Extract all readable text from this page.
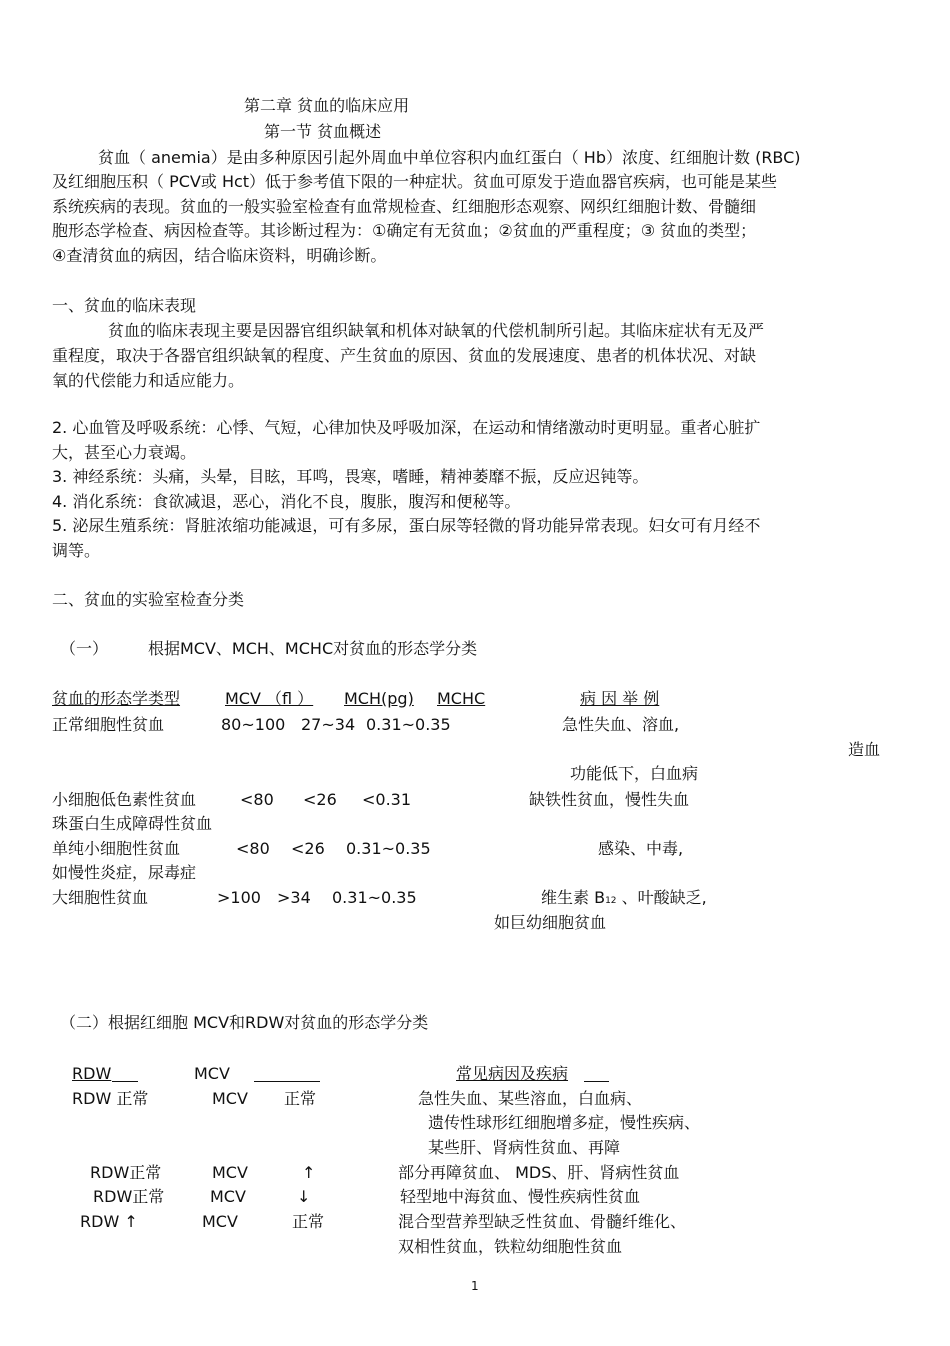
第二章 贫血的临床应用
第一节 贫血概述
贫血（ anemia）是由多种原因引起外周血中单位容积内血红蛋白（ Hb）浓度、红细胞计数 (RBC)
及红细胞压积（ PCV或 Hct）低于参考值下限的一种症状。贫血可原发于造血器官疾病，也可能是某些
系统疾病的表现。贫血的一般实验室检查有血常规检查、红细胞形态观察、网织红细胞计数、骨髓细
胞形态学检查、病因检查等。其诊断过程为：①确定有无贫血；②贫血的严重程度；③ 贫血的类型；
④查清贫血的病因，结合临床资料，明确诊断。
一、贫血的临床表现
贫血的临床表现主要是因器官组织缺氧和机体对缺氧的代偿机制所引起。其临床症状有无及严
重程度，取决于各器官组织缺氧的程度、产生贫血的原因、贫血的发展速度、患者的机体状况、对缺
氧的代偿能力和适应能力。
2. 心血管及呼吸系统：心悸、气短，心律加快及呼吸加深，在运动和情绪激动时更明显。重者心脏扩
大，甚至心力衰竭。
3. 神经系统：头痛，头晕，目眩，耳鸣，畏寒，嗜睡，精神萎靡不振，反应迟钝等。
4. 消化系统：食欲减退，恶心，消化不良，腹胀，腹泻和便秘等。
5. 泌尿生殖系统：肾脏浓缩功能减退，可有多尿，蛋白尿等轻微的肾功能异常表现。妇女可有月经不
调等。
二、贫血的实验室检查分类
（一） 根据MCV、MCH、MCHC对贫血的形态学分类
贫血的形态学类型	MCV （fl ） MCH(pg) MCHC	病 因 举 例
正常细胞性贫血	80~100 27~34 0.31~0.35	急性失血、溶血,
造血
功能低下，白血病
小细胞低色素性贫血	<80 <26 <0.31	缺铁性贫血，慢性失血
珠蛋白生成障碍性贫血
单纯小细胞性贫血	<80 <26 0.31~0.35	感染、中毒,
如慢性炎症，尿毒症
大细胞性贫血	>100 >34 0.31~0.35	维生素 B12 、叶酸缺乏,
如巨幼细胞贫血
（二）根据红细胞 MCV和RDW对贫血的形态学分类
RDW	MCV	常见病因及疾病
RDW 正常	MCV 正常	急性失血、某些溶血，白血病、
遗传性球形红细胞增多症，慢性疾病、
某些肝、肾病性贫血、再障
RDW正常	MCV	↑	部分再障贫血、 MDS、肝、肾病性贫血
RDW正常	MCV	↓	轻型地中海贫血、慢性疾病性贫血
RDW ↑	MCV	正常	混合型营养型缺乏性贫血、骨髓纤维化、
双相性贫血，铁粒幼细胞性贫血
1
